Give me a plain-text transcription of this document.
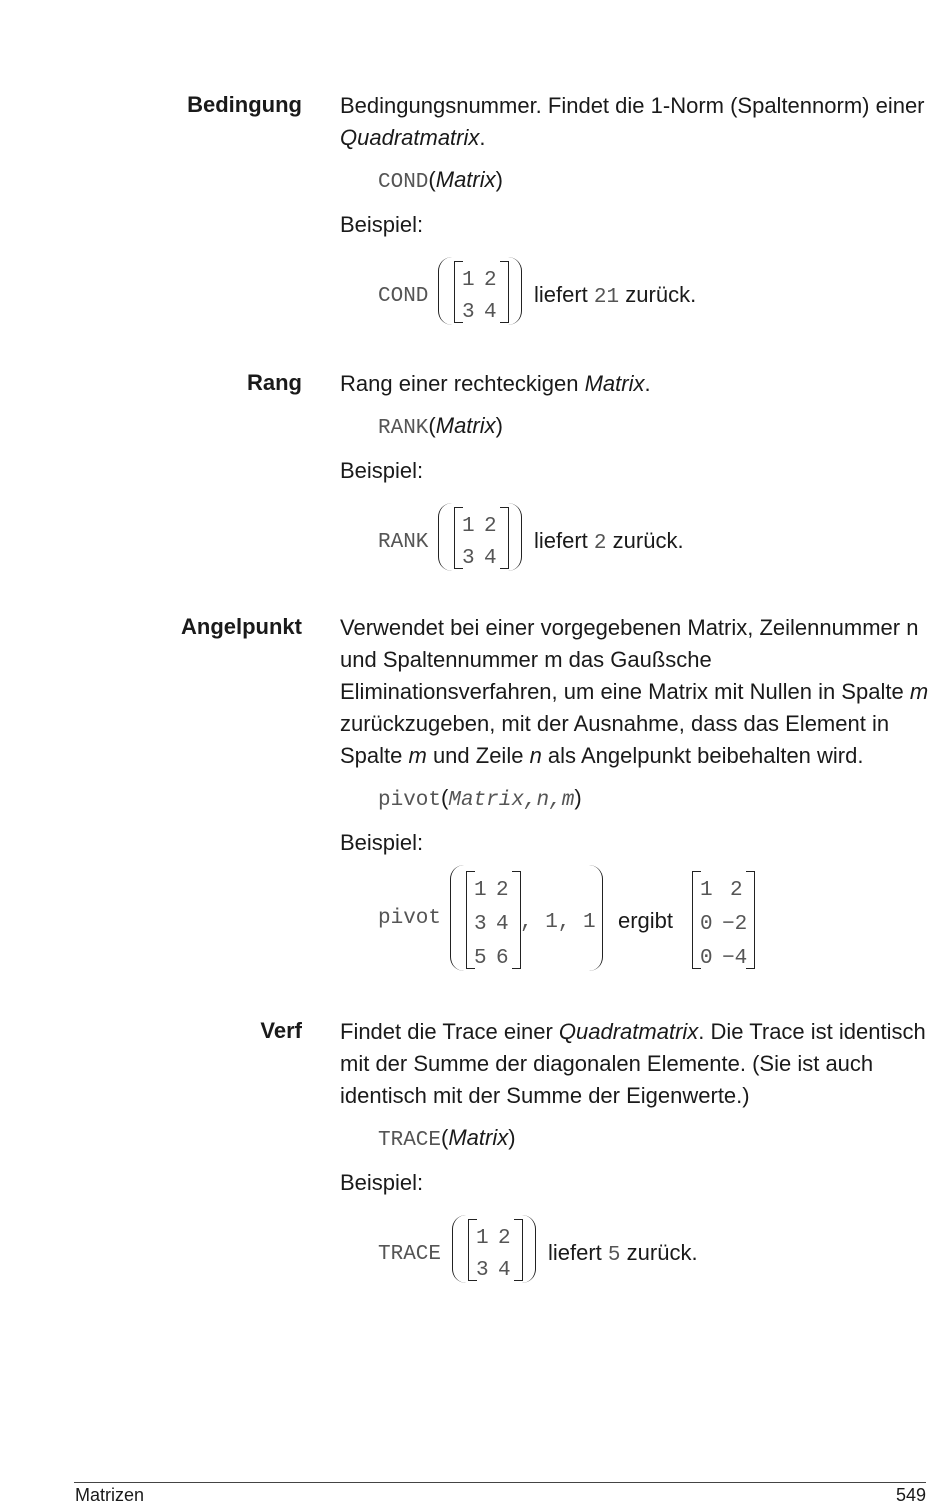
Bedingung Bedingungsnummer. Findet die 1-Norm (Spaltennorm) einer Quadratmatrix.

COND(Matrix)
Beispiel:
COND
1 2
3 4
liefert 21 zurück.
Rang Rang einer rechteckigen Matrix.

RANK(Matrix)
Beispiel:
RANK
1 2
3 4
liefert 2 zurück.
Angelpunkt Verwendet bei einer vorgegebenen Matrix, Zeilennummer n und Spaltennummer m das Gaußsche Eliminationsverfahren, um eine Matrix mit Nullen in Spalte m zurückzugeben, mit der Ausnahme, dass das Element in Spalte m und Zeile n als Angelpunkt beibehalten wird.

pivot(Matrix,n,m)
Beispiel:
pivot
1 2
3 4
5 6
, 1, 1 ergibt
1 2
0 −2
0 −4
Verf Findet die Trace einer Quadratmatrix. Die Trace ist identisch mit der Summe der diagonalen Elemente. (Sie ist auch identisch mit der Summe der Eigenwerte.)

TRACE(Matrix)
Beispiel:
TRACE
1 2
3 4
liefert 5 zurück.
Matrizen	549
